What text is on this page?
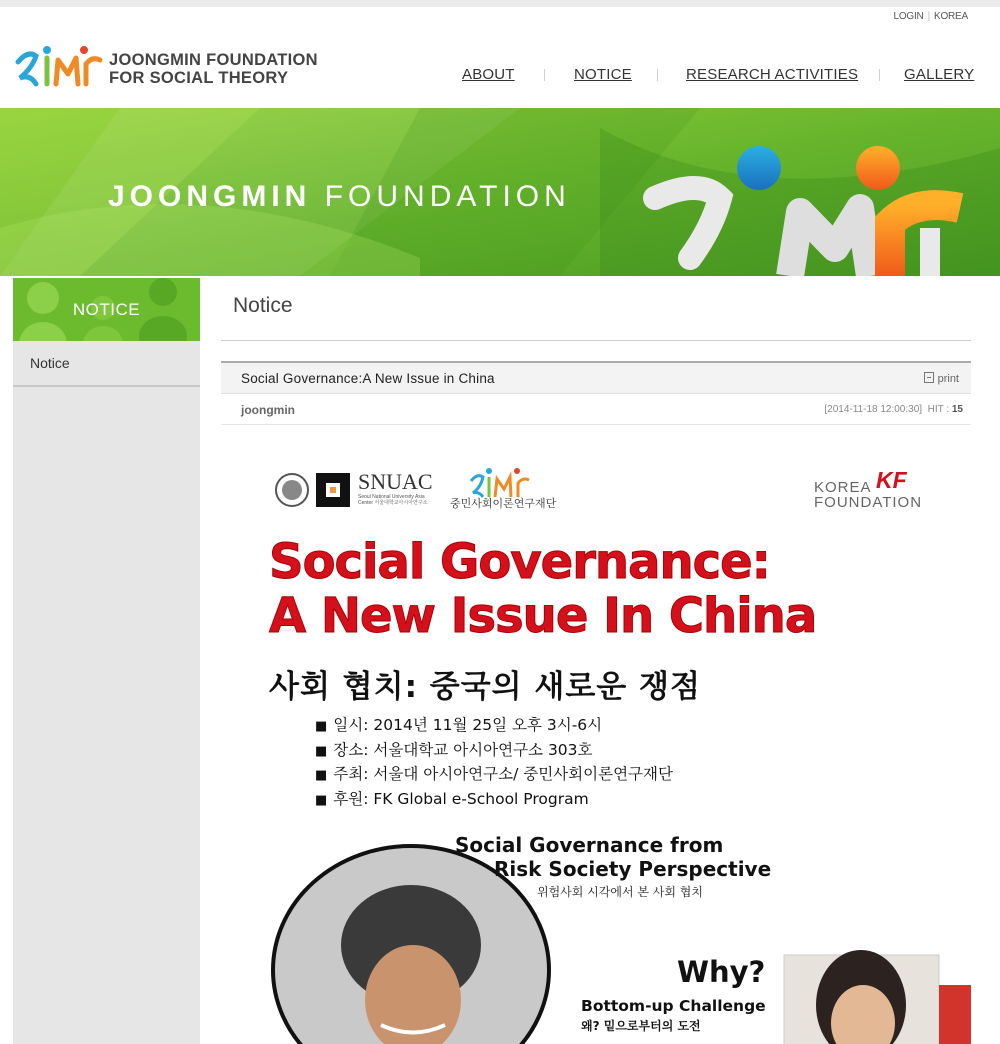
LOGIN | KOREA
JOONGMIN FOUNDATION
FOR SOCIAL THEORY	ABOUT	NOTICE	RESEARCH ACTIVITIES	GALLERY
JOONGMIN FOUNDATION
NOTICE
Notice
Notice
Social Governance:A New Issue in China	print
joongmin	[2014-11-18 12:00:30] HIT : 15
SNUAC
Seoul National University Asia Center 서울대학교아시아연구소	중민사회이론연구재단
KOREA
FOUNDATION
KF
Social Governance:
A New Issue In China
사회 협치: 중국의 새로운 쟁점
■ 일시: 2014년 11월 25일 오후 3시-6시
■ 장소: 서울대학교 아시아연구소 303호
■ 주최: 서울대 아시아연구소/ 중민사회이론연구재단
■ 후원: FK Global e-School Program
Social Governance from
Risk Society Perspective
위험사회 시각에서 본 사회 협치
Why?
Bottom-up Challenge
왜? 밑으로부터의 도전
